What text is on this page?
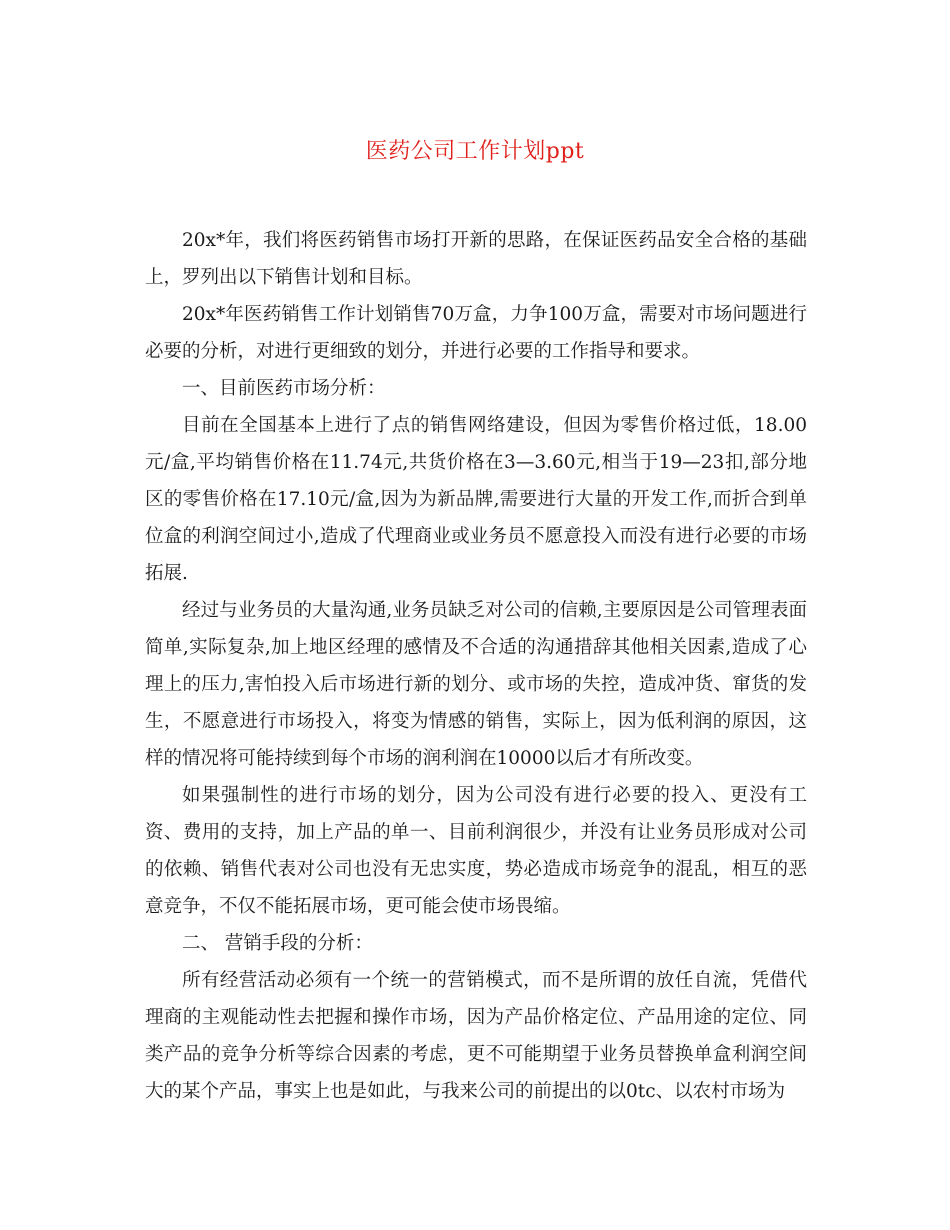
医药公司工作计划ppt

20x*年，我们将医药销售市场打开新的思路，在保证医药品安全合格的基础上，罗列出以下销售计划和目标。

20x*年医药销售工作计划销售70万盒，力争100万盒，需要对市场问题进行必要的分析，对进行更细致的划分，并进行必要的工作指导和要求。

一、目前医药市场分析：

目前在全国基本上进行了点的销售网络建设，但因为零售价格过低，18.00元/盒,平均销售价格在11.74元,共货价格在3—3.60元,相当于19—23扣,部分地区的零售价格在17.10元/盒,因为为新品牌,需要进行大量的开发工作,而折合到单位盒的利润空间过小,造成了代理商业或业务员不愿意投入而没有进行必要的市场拓展.

经过与业务员的大量沟通,业务员缺乏对公司的信赖,主要原因是公司管理表面简单,实际复杂,加上地区经理的感情及不合适的沟通措辞其他相关因素,造成了心理上的压力,害怕投入后市场进行新的划分、或市场的失控，造成冲货、窜货的发生，不愿意进行市场投入，将变为情感的销售，实际上，因为低利润的原因，这样的情况将可能持续到每个市场的润利润在10000以后才有所改变。

如果强制性的进行市场的划分，因为公司没有进行必要的投入、更没有工资、费用的支持，加上产品的单一、目前利润很少，并没有让业务员形成对公司的依赖、销售代表对公司也没有无忠实度，势必造成市场竞争的混乱，相互的恶意竞争，不仅不能拓展市场，更可能会使市场畏缩。

二、 营销手段的分析：

所有经营活动必须有一个统一的营销模式，而不是所谓的放任自流，凭借代理商的主观能动性去把握和操作市场，因为产品价格定位、产品用途的定位、同类产品的竞争分析等综合因素的考虑，更不可能期望于业务员替换单盒利润空间大的某个产品，事实上也是如此，与我来公司的前提出的以0tc、以农村市场为
